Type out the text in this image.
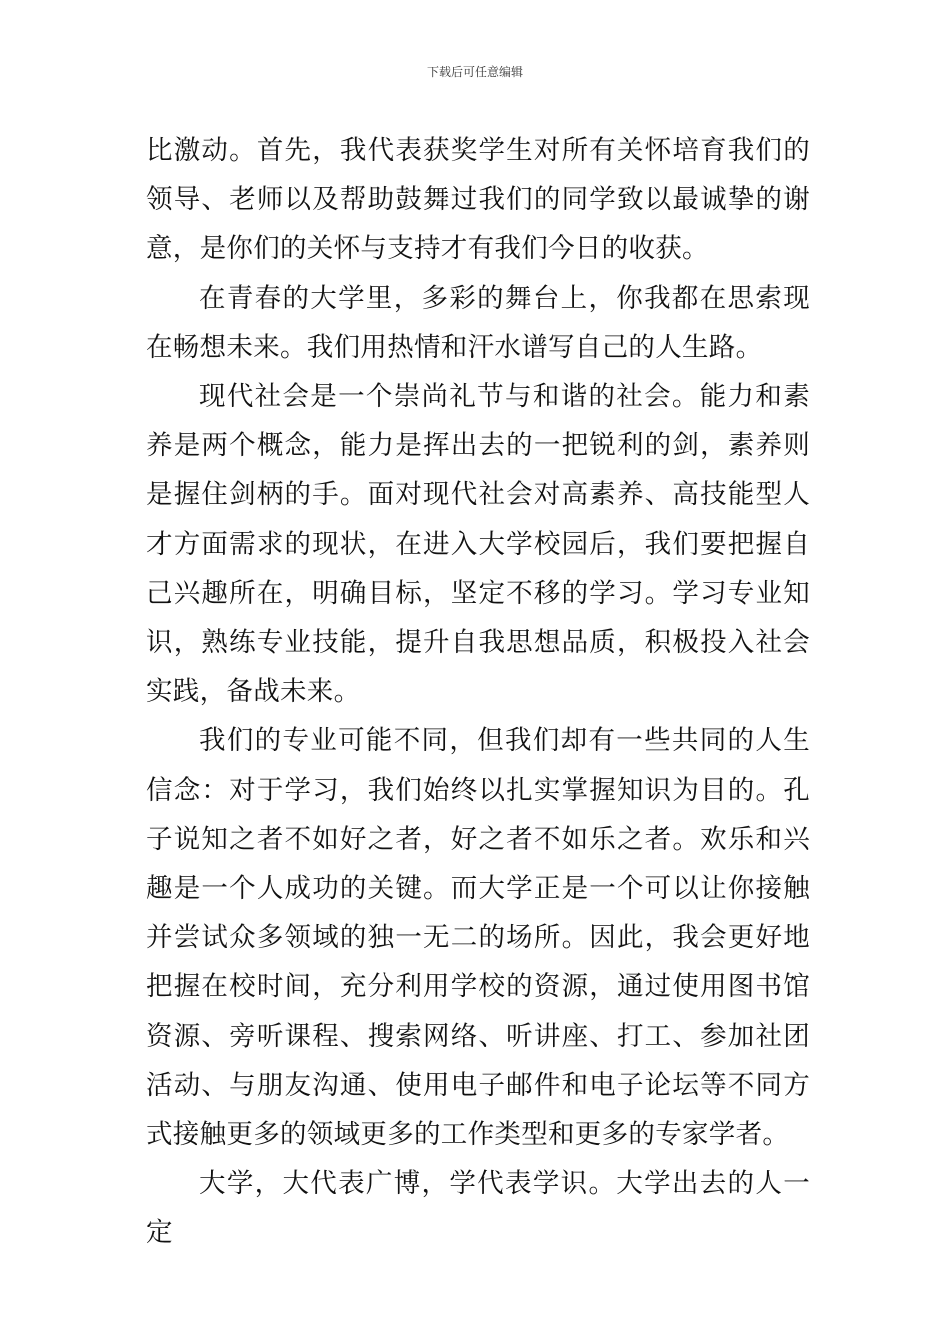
下载后可任意编辑

比激动。首先，我代表获奖学生对所有关怀培育我们的领导、老师以及帮助鼓舞过我们的同学致以最诚挚的谢意，是你们的关怀与支持才有我们今日的收获。

在青春的大学里，多彩的舞台上，你我都在思索现在畅想未来。我们用热情和汗水谱写自己的人生路。

现代社会是一个崇尚礼节与和谐的社会。能力和素养是两个概念，能力是挥出去的一把锐利的剑，素养则是握住剑柄的手。面对现代社会对高素养、高技能型人才方面需求的现状，在进入大学校园后，我们要把握自己兴趣所在，明确目标，坚定不移的学习。学习专业知识，熟练专业技能，提升自我思想品质，积极投入社会实践，备战未来。

我们的专业可能不同，但我们却有一些共同的人生信念：对于学习，我们始终以扎实掌握知识为目的。孔子说知之者不如好之者，好之者不如乐之者。欢乐和兴趣是一个人成功的关键。而大学正是一个可以让你接触并尝试众多领域的独一无二的场所。因此，我会更好地把握在校时间，充分利用学校的资源，通过使用图书馆资源、旁听课程、搜索网络、听讲座、打工、参加社团活动、与朋友沟通、使用电子邮件和电子论坛等不同方式接触更多的领域更多的工作类型和更多的专家学者。

大学，大代表广博，学代表学识。大学出去的人一定
